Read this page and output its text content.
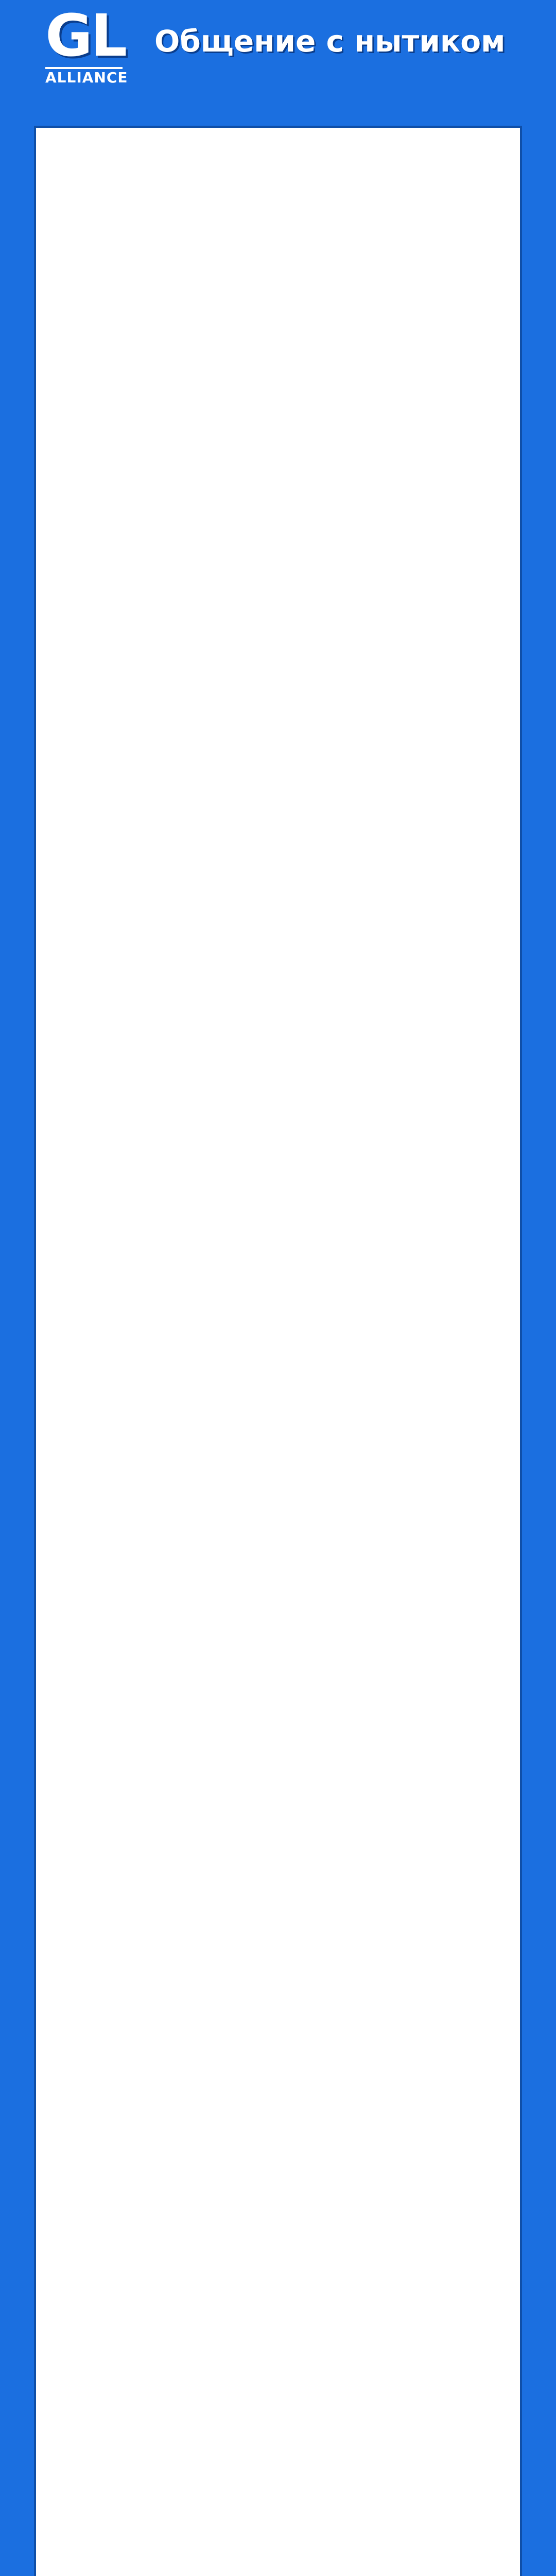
GL
ALLIANCE
Общение с нытиком
